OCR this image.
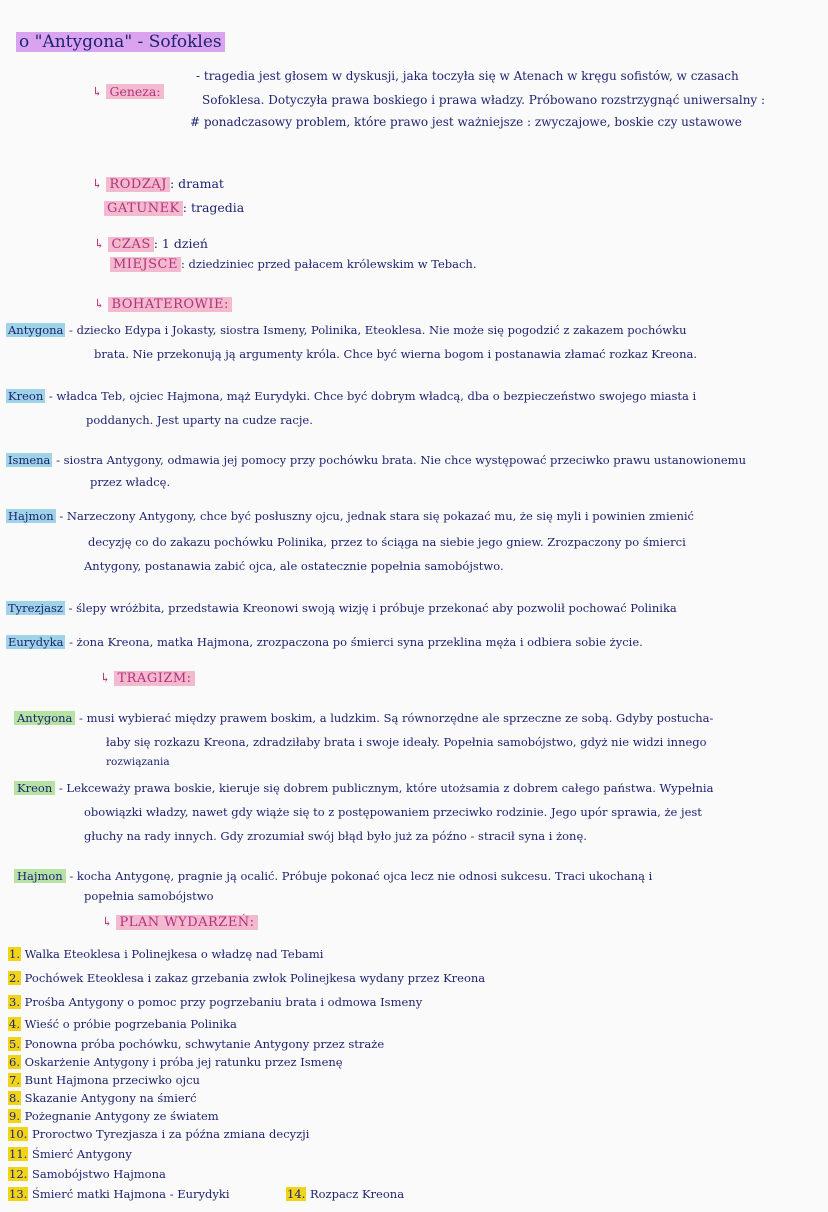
o "Antygona" - Sofokles
↳ Geneza:
- tragedia jest głosem w dyskusji, jaka toczyła się w Atenach w kręgu sofistów, w czasach
Sofoklesa. Dotyczyła prawa boskiego i prawa władzy. Próbowano rozstrzygnąć uniwersalny :
# ponadczasowy problem, które prawo jest ważniejsze : zwyczajowe, boskie czy ustawowe
↳ RODZAJ : dramat
GATUNEK : tragedia
↳ CZAS : 1 dzień
MIEJSCE : dziedziniec przed pałacem królewskim w Tebach.
↳ BOHATEROWIE:
Antygona - dziecko Edypa i Jokasty, siostra Ismeny, Polinika, Eteoklesa. Nie może się pogodzić z zakazem pochówku
brata. Nie przekonują ją argumenty króla. Chce być wierna bogom i postanawia złamać rozkaz Kreona.
Kreon - władca Teb, ojciec Hajmona, mąż Eurydyki. Chce być dobrym władcą, dba o bezpieczeństwo swojego miasta i
poddanych. Jest uparty na cudze racje.
Ismena - siostra Antygony, odmawia jej pomocy przy pochówku brata. Nie chce występować przeciwko prawu ustanowionemu
przez władcę.
Hajmon - Narzeczony Antygony, chce być posłuszny ojcu, jednak stara się pokazać mu, że się myli i powinien zmienić
decyzję co do zakazu pochówku Polinika, przez to ściąga na siebie jego gniew. Zrozpaczony po śmierci
Antygony, postanawia zabić ojca, ale ostatecznie popełnia samobójstwo.
Tyrezjasz - ślepy wróżbita, przedstawia Kreonowi swoją wizję i próbuje przekonać aby pozwolił pochować Polinika
Eurydyka - żona Kreona, matka Hajmona, zrozpaczona po śmierci syna przeklina męża i odbiera sobie życie.
↳ TRAGIZM:
Antygona - musi wybierać między prawem boskim, a ludzkim. Są równorzędne ale sprzeczne ze sobą. Gdyby postucha-
łaby się rozkazu Kreona, zdradziłaby brata i swoje ideały. Popełnia samobójstwo, gdyż nie widzi innego
rozwiązania
Kreon - Lekceważy prawa boskie, kieruje się dobrem publicznym, które utożsamia z dobrem całego państwa. Wypełnia
obowiązki władzy, nawet gdy wiąże się to z postępowaniem przeciwko rodzinie. Jego upór sprawia, że jest
głuchy na rady innych. Gdy zrozumiał swój błąd było już za późno - stracił syna i żonę.
Hajmon - kocha Antygonę, pragnie ją ocalić. Próbuje pokonać ojca lecz nie odnosi sukcesu. Traci ukochaną i
popełnia samobójstwo
↳ PLAN WYDARZEŃ:
1. Walka Eteoklesa i Polinejkesa o władzę nad Tebami
2. Pochówek Eteoklesa i zakaz grzebania zwłok Polinejkesa wydany przez Kreona
3. Prośba Antygony o pomoc przy pogrzebaniu brata i odmowa Ismeny
4. Wieść o próbie pogrzebania Polinika
5. Ponowna próba pochówku, schwytanie Antygony przez straże
6. Oskarżenie Antygony i próba jej ratunku przez Ismenę
7. Bunt Hajmona przeciwko ojcu
8. Skazanie Antygony na śmierć
9. Pożegnanie Antygony ze światem
10. Proroctwo Tyrezjasza i za późna zmiana decyzji
11. Śmierć Antygony
12. Samobójstwo Hajmona
13. Śmierć matki Hajmona - Eurydyki	14. Rozpacz Kreona
